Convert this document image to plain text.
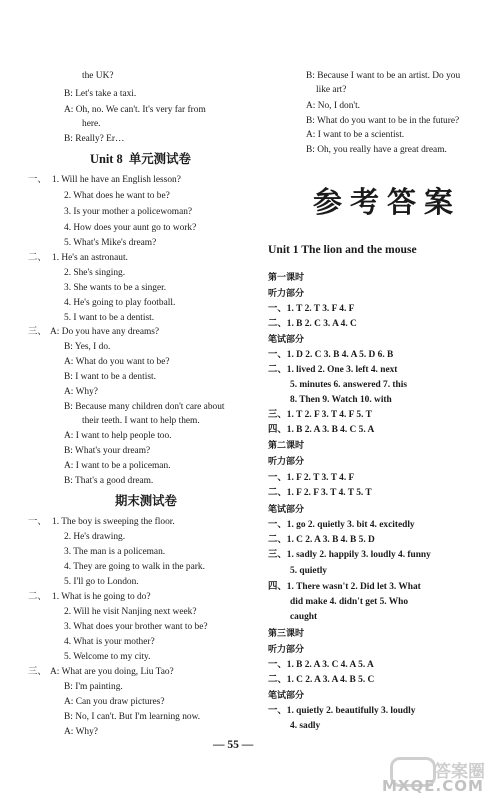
the UK?
B: Let's take a taxi.
A: Oh, no. We can't. It's very far from
here.
B: Really? Er…
Unit 8 单元测试卷
一、 1. Will he have an English lesson?
2. What does he want to be?
3. Is your mother a policewoman?
4. How does your aunt go to work?
5. What's Mike's dream?
二、 1. He's an astronaut.
2. She's singing.
3. She wants to be a singer.
4. He's going to play football.
5. I want to be a dentist.
三、 A: Do you have any dreams?
B: Yes, I do.
A: What do you want to be?
B: I want to be a dentist.
A: Why?
B: Because many children don't care about
their teeth. I want to help them.
A: I want to help people too.
B: What's your dream?
A: I want to be a policeman.
B: That's a good dream.
期末测试卷
一、 1. The boy is sweeping the floor.
2. He's drawing.
3. The man is a policeman.
4. They are going to walk in the park.
5. I'll go to London.
二、 1. What is he going to do?
2. Will he visit Nanjing next week?
3. What does your brother want to be?
4. What is your mother?
5. Welcome to my city.
三、 A: What are you doing, Liu Tao?
B: I'm painting.
A: Can you draw pictures?
B: No, I can't. But I'm learning now.
A: Why?
B: Because I want to be an artist. Do you
like art?
A: No, I don't.
B: What do you want to be in the future?
A: I want to be a scientist.
B: Oh, you really have a great dream.
参考答案
Unit 1 The lion and the mouse
第一课时
听力部分
一、1. T 2. T 3. F 4. F
二、1. B 2. C 3. A 4. C
笔试部分
一、1. D 2. C 3. B 4. A 5. D 6. B
二、1. lived 2. One 3. left 4. next
5. minutes 6. answered 7. this
8. Then 9. Watch 10. with
三、1. T 2. F 3. T 4. F 5. T
四、1. B 2. A 3. B 4. C 5. A
第二课时
听力部分
一、1. F 2. T 3. T 4. F
二、1. F 2. F 3. T 4. T 5. T
笔试部分
一、1. go 2. quietly 3. bit 4. excitedly
二、1. C 2. A 3. B 4. B 5. D
三、1. sadly 2. happily 3. loudly 4. funny
5. quietly
四、1. There wasn't 2. Did let 3. What
did make 4. didn't get 5. Who
caught
第三课时
听力部分
一、1. B 2. A 3. C 4. A 5. A
二、1. C 2. A 3. A 4. B 5. C
笔试部分
一、1. quietly 2. beautifully 3. loudly
4. sadly
— 55 —
答案圈
MXQE.COM
